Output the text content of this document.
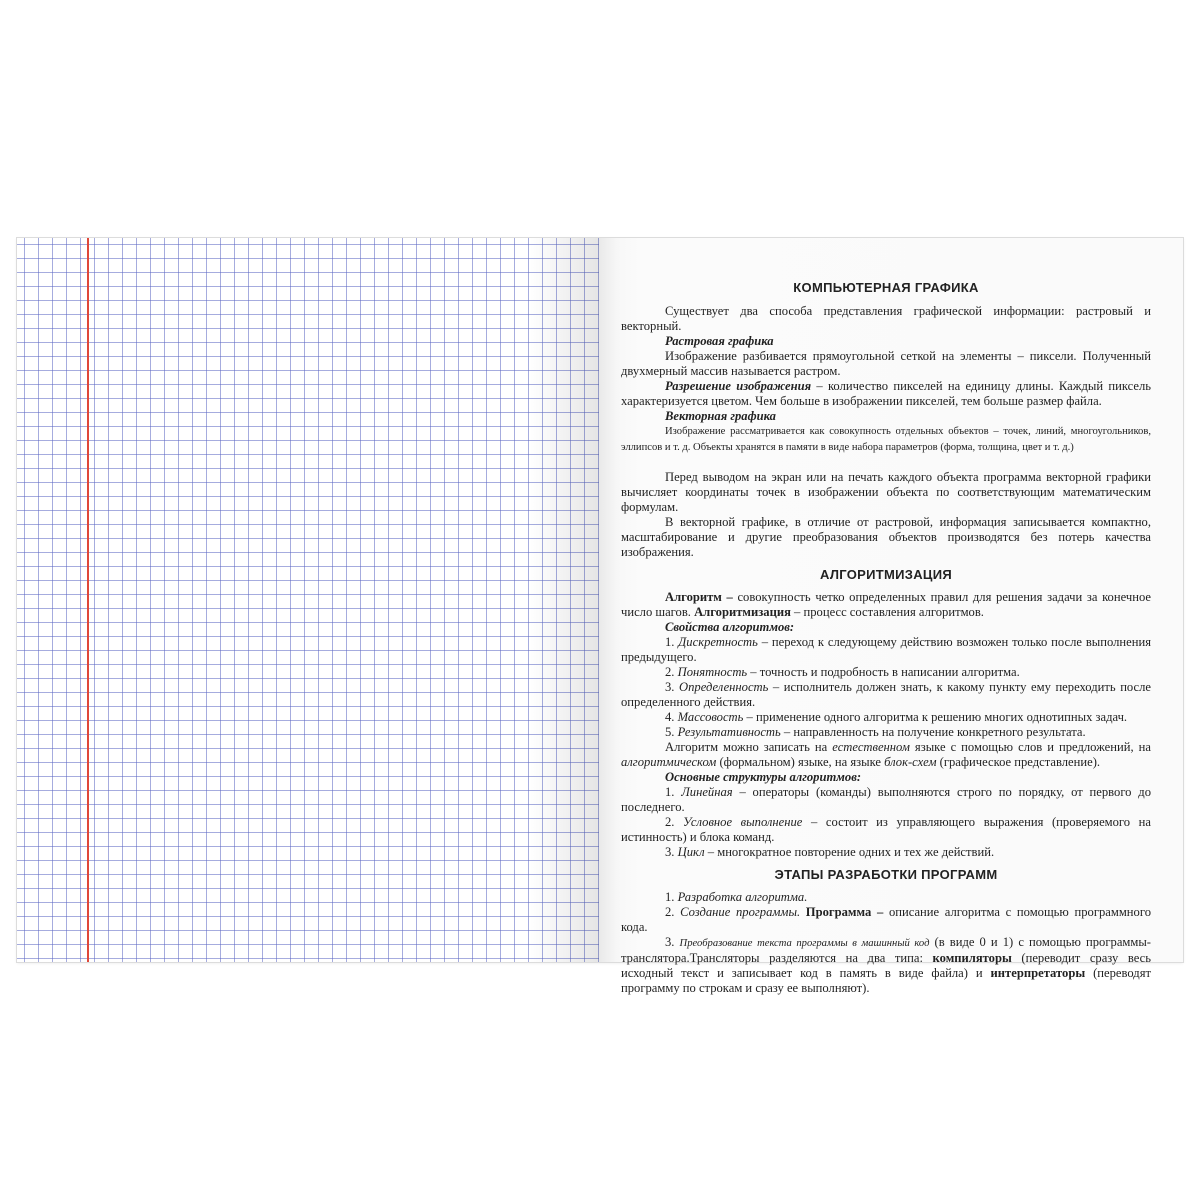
КОМПЬЮТЕРНАЯ ГРАФИКА

Существует два способа представления графической информации: растровый и векторный.

Растровая графика

Изображение разбивается прямоугольной сеткой на элементы – пиксели. Полученный двухмерный массив называется растром.

Разрешение изображения – количество пикселей на единицу длины. Каждый пиксель характеризуется цветом. Чем больше в изображении пикселей, тем больше размер файла.

Векторная графика

Изображение рассматривается как совокупность отдельных объектов – точек, линий, многоугольников, эллипсов и т. д. Объекты хранятся в памяти в виде набора параметров (форма, толщина, цвет и т. д.)

Перед выводом на экран или на печать каждого объекта программа векторной графики вычисляет координаты точек в изображении объекта по соответствующим математическим формулам.

В векторной графике, в отличие от растровой, информация записывается компактно, масштабирование и другие преобразования объектов производятся без потерь качества изображения.

АЛГОРИТМИЗАЦИЯ

Алгоритм – совокупность четко определенных правил для решения задачи за конечное число шагов. Алгоритмизация – процесс составления алгоритмов.

Свойства алгоритмов:

1. Дискретность – переход к следующему действию возможен только после выполнения предыдущего.

2. Понятность – точность и подробность в написании алгоритма.

3. Определенность – исполнитель должен знать, к какому пункту ему переходить после определенного действия.

4. Массовость – применение одного алгоритма к решению многих однотипных задач.

5. Результативность – направленность на получение конкретного результата.

Алгоритм можно записать на естественном языке с помощью слов и предложений, на алгоритмическом (формальном) языке, на языке блок-схем (графическое представление).

Основные структуры алгоритмов:

1. Линейная – операторы (команды) выполняются строго по порядку, от первого до последнего.

2. Условное выполнение – состоит из управляющего выражения (проверяемого на истинность) и блока команд.

3. Цикл – многократное повторение одних и тех же действий.

ЭТАПЫ РАЗРАБОТКИ ПРОГРАММ

1. Разработка алгоритма.

2. Создание программы. Программа – описание алгоритма с помощью программного кода.

3. Преобразование текста программы в машинный код (в виде 0 и 1) с помощью программы-транслятора.Трансляторы разделяются на два типа: компиляторы (переводит сразу весь исходный текст и записывает код в память в виде файла) и интерпретаторы (переводят программу по строкам и сразу ее выполняют).
